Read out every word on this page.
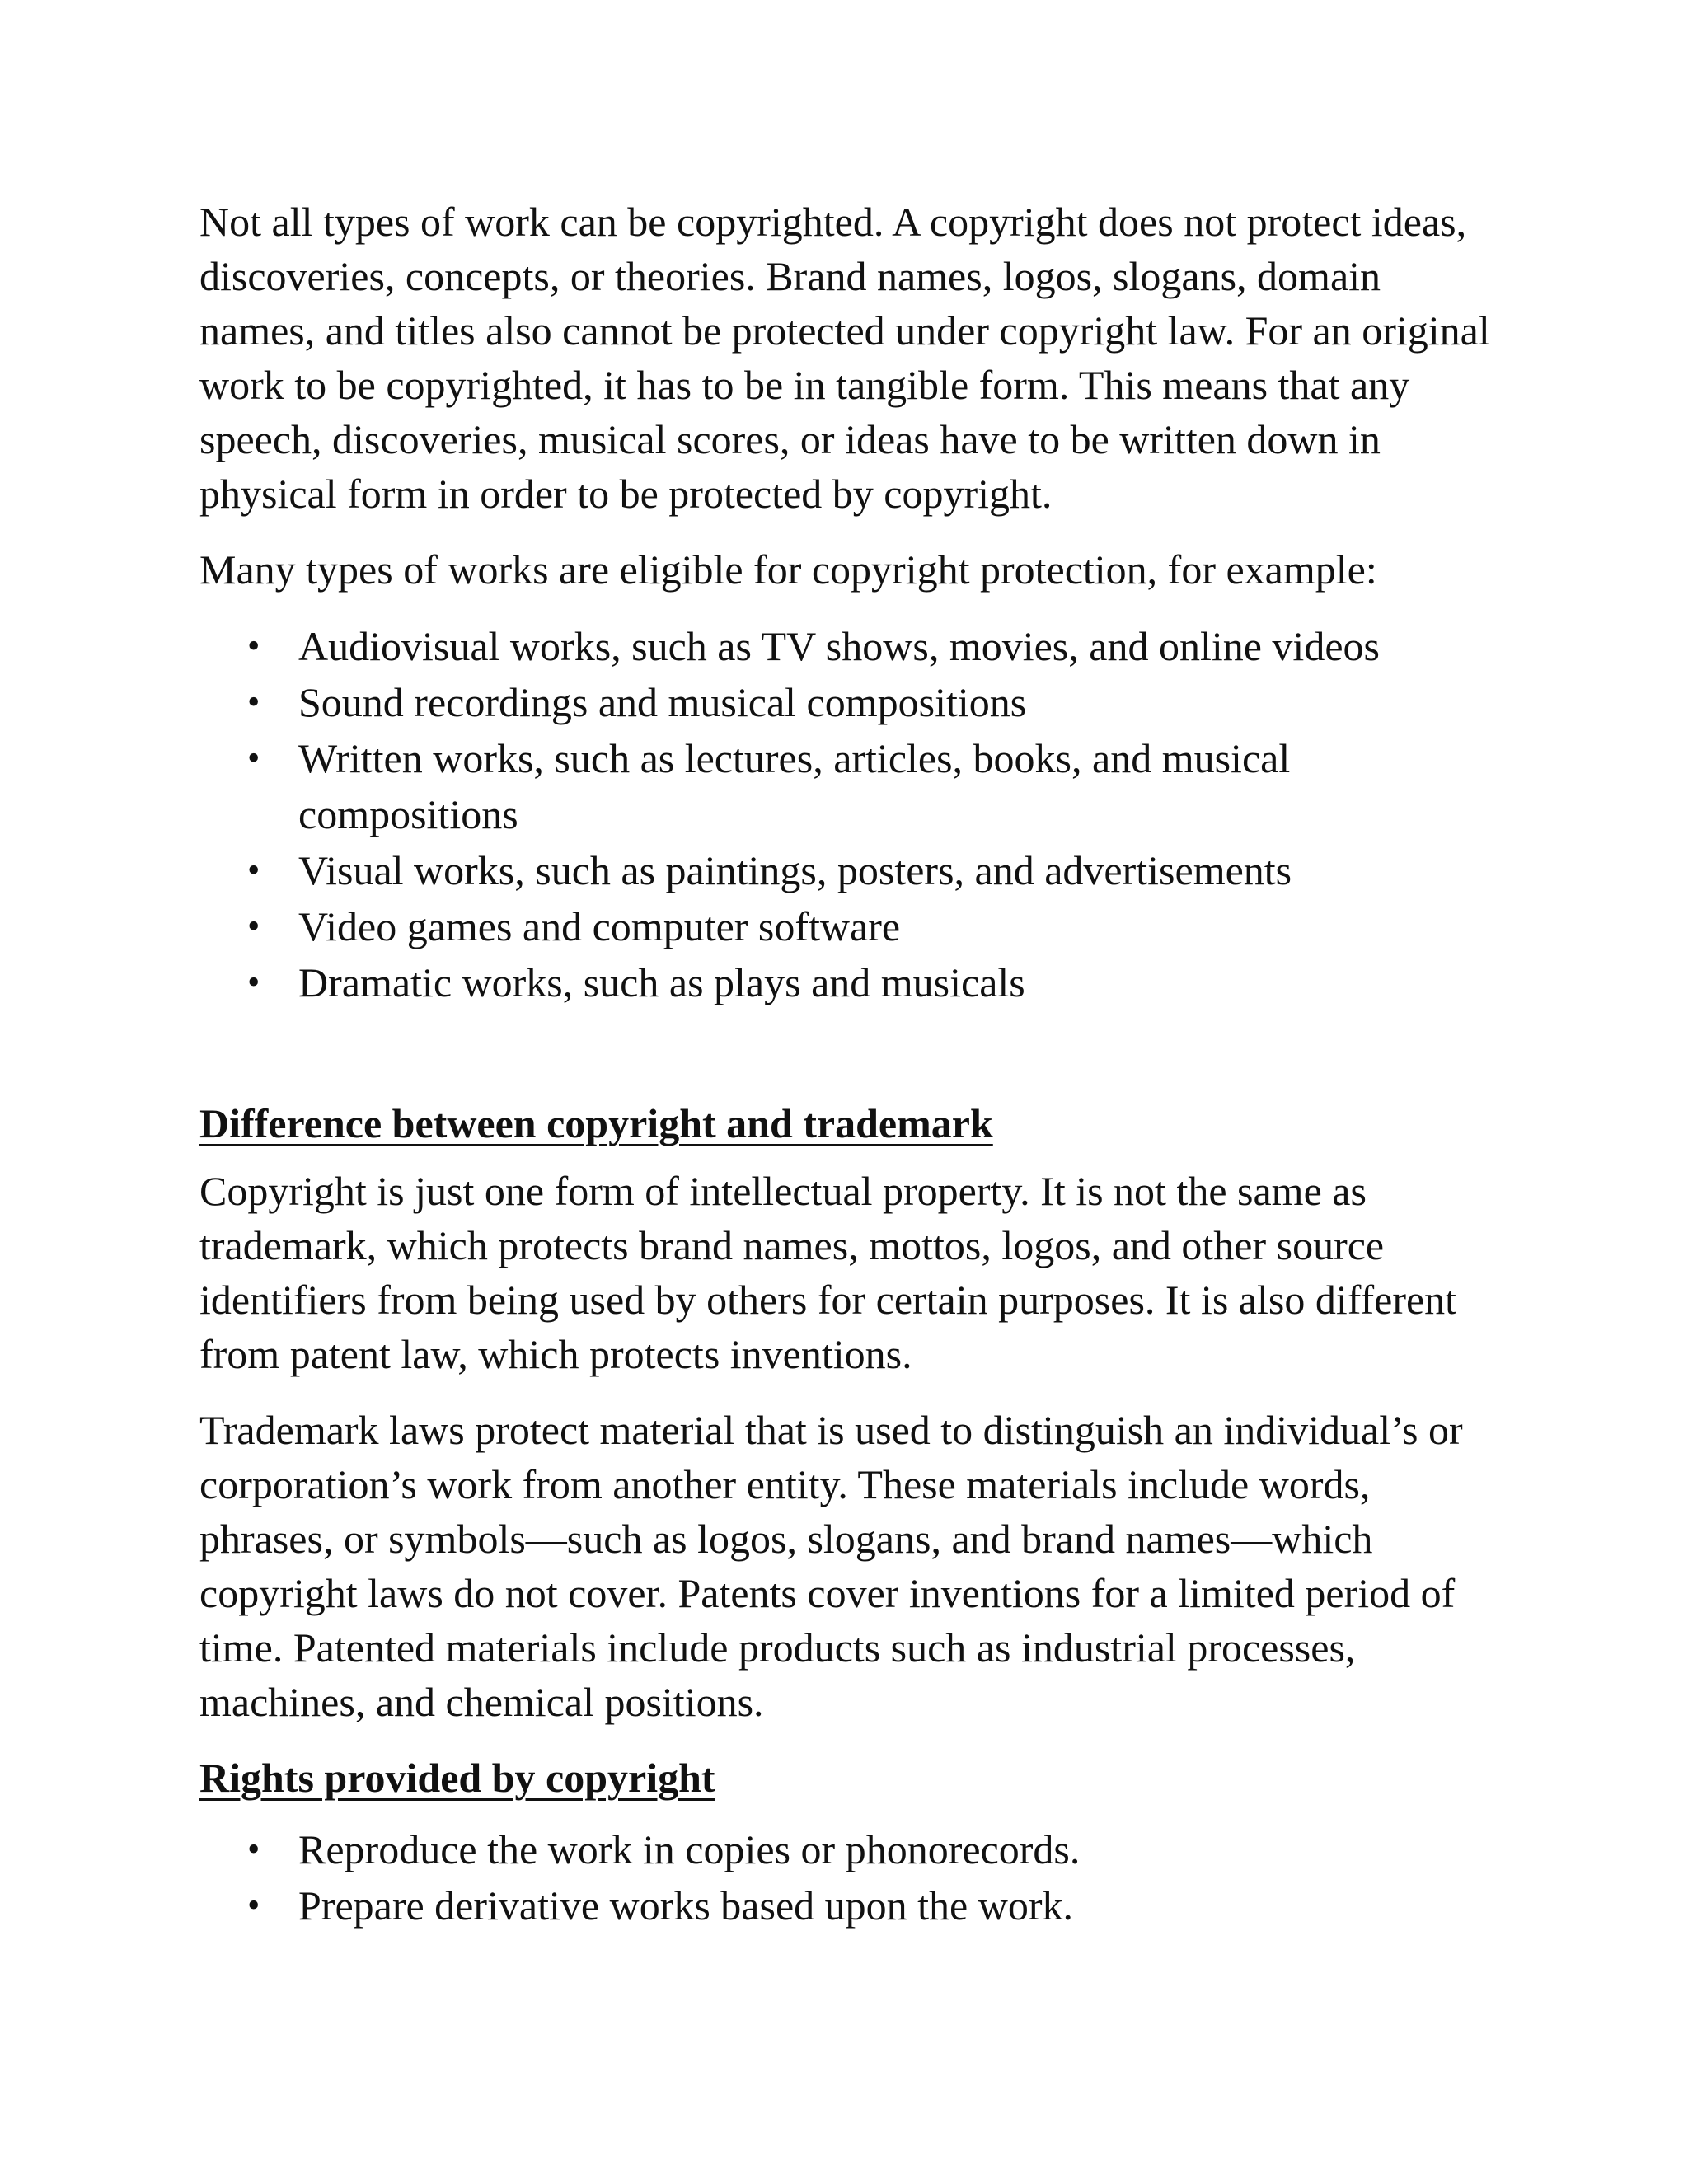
Not all types of work can be copyrighted. A copyright does not protect ideas, discoveries, concepts, or theories. Brand names, logos, slogans, domain names, and titles also cannot be protected under copyright law. For an original work to be copyrighted, it has to be in tangible form. This means that any speech, discoveries, musical scores, or ideas have to be written down in physical form in order to be protected by copyright.

Many types of works are eligible for copyright protection, for example:

• Audiovisual works, such as TV shows, movies, and online videos
• Sound recordings and musical compositions
• Written works, such as lectures, articles, books, and musical compositions
• Visual works, such as paintings, posters, and advertisements
• Video games and computer software
• Dramatic works, such as plays and musicals
Difference between copyright and trademark

Copyright is just one form of intellectual property. It is not the same as trademark, which protects brand names, mottos, logos, and other source identifiers from being used by others for certain purposes. It is also different from patent law, which protects inventions.

Trademark laws protect material that is used to distinguish an individual’s or corporation’s work from another entity. These materials include words, phrases, or symbols—such as logos, slogans, and brand names—which copyright laws do not cover. Patents cover inventions for a limited period of time. Patented materials include products such as industrial processes, machines, and chemical positions.

Rights provided by copyright
• Reproduce the work in copies or phonorecords.
• Prepare derivative works based upon the work.
